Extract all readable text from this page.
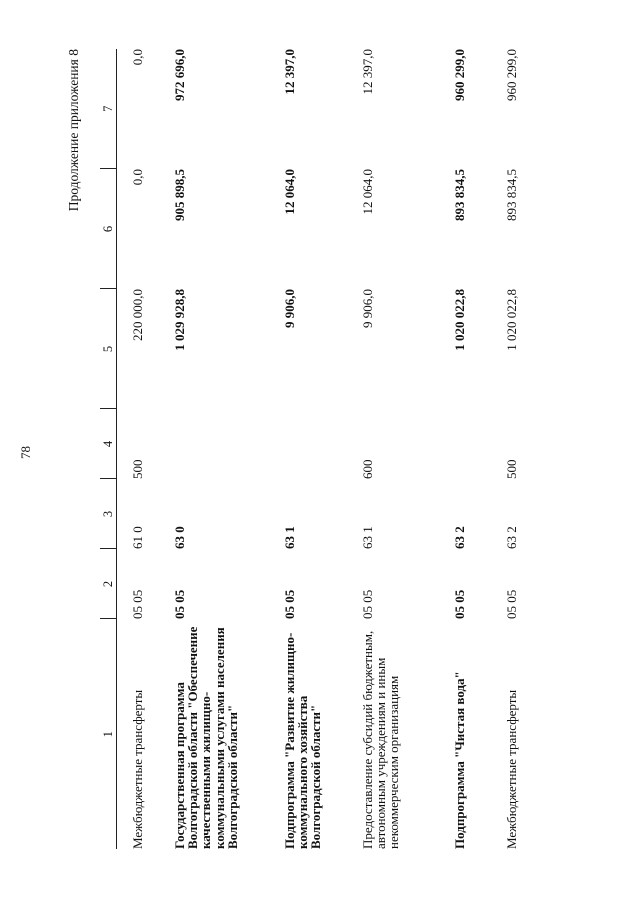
78
Продолжение приложения 8
1	2	3	4	5	6	7
Межбюджетные трансферты	05 05	61 0	500	220 000,0	0,0	0,0
Государственная программа Волгоградской области "Обеспечение качественными жилищно-коммунальными услугами населения Волгоградской области"	05 05	63 0		1 029 928,8	905 898,5	972 696,0
Подпрограмма "Развитие жилищно-коммунального хозяйства Волгоградской области"	05 05	63 1		9 906,0	12 064,0	12 397,0
Предоставление субсидий бюджетным, автономным учреждениям и иным некоммерческим организациям	05 05	63 1	600	9 906,0	12 064,0	12 397,0
Подпрограмма "Чистая вода"	05 05	63 2		1 020 022,8	893 834,5	960 299,0
Межбюджетные трансферты	05 05	63 2	500	1 020 022,8	893 834,5	960 299,0
